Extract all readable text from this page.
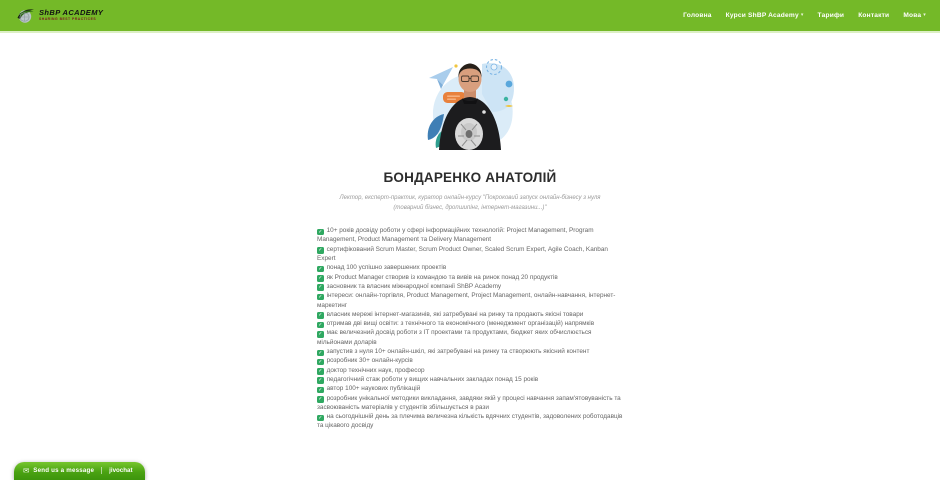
ShBP ACADEMY
SHARING BEST PRACTICES
Головна Курси ShBP Academy ▾ Тарифи Контакти Мова ▾
БОНДАРЕНКО АНАТОЛІЙ

Лектор, експерт-практик, куратор онлайн-курсу "Покроковий запуск онлайн-бізнесу з нуля (товарний бізнес, дропшипінг, інтернет-магазини...)"

✓ 10+ років досвіду роботи у сфері інформаційних технологій: Project Management, Program Management, Product Management та Delivery Management
✓ сертифікований Scrum Master, Scrum Product Owner, Scaled Scrum Expert, Agile Coach, Kanban Expert
✓ понад 100 успішно завершених проектів
✓ як Product Manager створив із командою та вивів на ринок понад 20 продуктів
✓ засновник та власник міжнародної компанії ShBP Academy
✓ інтереси: онлайн-торгівля, Product Management, Project Management, онлайн-навчання, інтернет-маркетинг
✓ власник мережі інтернет-магазинів, які затребувані на ринку та продають якісні товари
✓ отримав дві вищі освіти: з технічного та економічного (менеджмент організацій) напрямків
✓ має величезний досвід роботи з ІТ проектами та продуктами, бюджет яких обчислюється мільйонами доларів
✓ запустив з нуля 10+ онлайн-шкіл, які затребувані на ринку та створюють якісний контент
✓ розробник 30+ онлайн-курсів
✓ доктор технічних наук, професор
✓ педагогічний стаж роботи у вищих навчальних закладах понад 15 років
✓ автор 100+ наукових публікацій
✓ розробник унікальної методики викладання, завдяки якій у процесі навчання запам'ятовуваність та засвоюваність матеріалів у студентів збільшується в рази
✓ на сьогоднішній день за плечима величезна кількість вдячних студентів, задоволених роботодавців та цікавого досвіду
✉ Send us a message	jivochat
